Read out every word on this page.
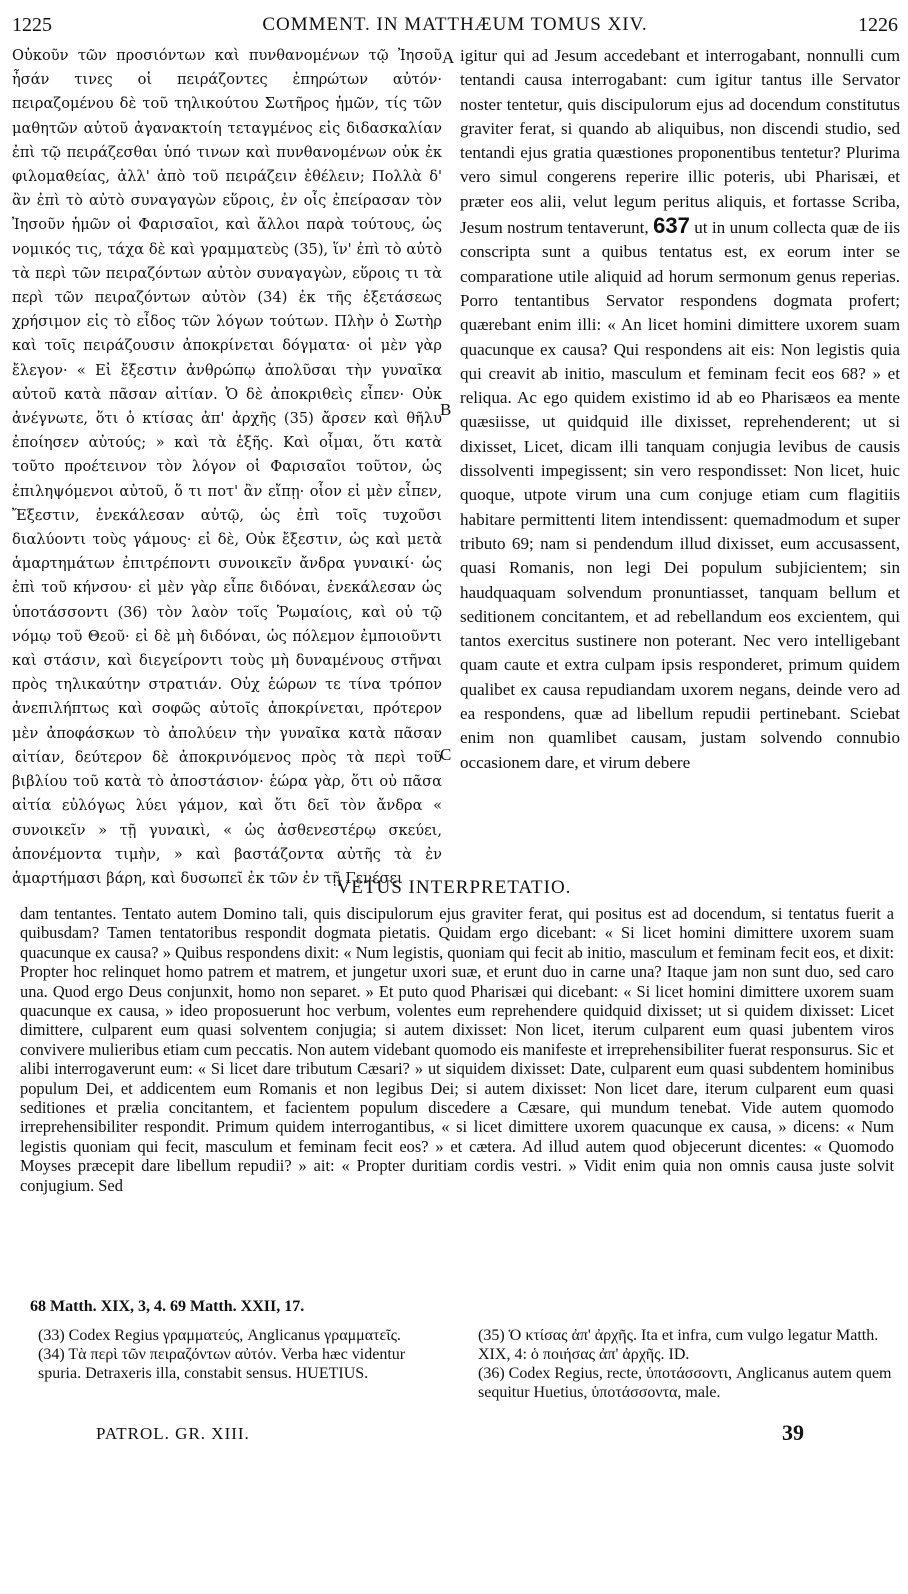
1225	COMMENT. IN MATTHÆUM TOMUS XIV.	1226

Οὐκοῦν τῶν προσιόντων καὶ πυνθανομένων τῷ Ἰησοῦ ἦσάν τινες οἱ πειράζοντες ἐπηρώτων αὐτόν· πειραζομένου δὲ τοῦ τηλικούτου Σωτῆρος ἡμῶν, τίς τῶν μαθητῶν αὐτοῦ ἀγανακτοίη τεταγμένος εἰς διδασκαλίαν ἐπὶ τῷ πειράζεσθαι ὑπό τινων καὶ πυνθανομένων οὐκ ἐκ φιλομαθείας, ἀλλ' ἀπὸ τοῦ πειράζειν ἐθέλειν; Πολλὰ δ' ἂν ἐπὶ τὸ αὐτὸ συναγαγὼν εὕροις, ἐν οἷς ἐπείρασαν τὸν Ἰησοῦν ἡμῶν οἱ Φαρισαῖοι, καὶ ἄλλοι παρὰ τούτους, ὡς νομικός τις, τάχα δὲ καὶ γραμματεὺς (35), ἵν' ἐπὶ τὸ αὐτὸ τὰ περὶ τῶν πειραζόντων αὐτὸν συναγαγὼν, εὕροις τι τὰ περὶ τῶν πειραζόντων αὐτὸν (34) ἐκ τῆς ἐξετάσεως χρήσιμον εἰς τὸ εἶδος τῶν λόγων τούτων. Πλὴν ὁ Σωτὴρ καὶ τοῖς πειράζουσιν ἀποκρίνεται δόγματα· οἱ μὲν γὰρ ἔλεγον· « Εἰ ἔξεστιν ἀνθρώπῳ ἀπολῦσαι τὴν γυναῖκα αὐτοῦ κατὰ πᾶσαν αἰτίαν. Ὁ δὲ ἀποκριθεὶς εἶπεν· Οὐκ ἀνέγνωτε, ὅτι ὁ κτίσας ἀπ' ἀρχῆς (35) ἄρσεν καὶ θῆλυ ἐποίησεν αὐτούς; » καὶ τὰ ἑξῆς. Καὶ οἶμαι, ὅτι κατὰ τοῦτο προέτεινον τὸν λόγον οἱ Φαρισαῖοι τοῦτον, ὡς ἐπιληψόμενοι αὐτοῦ, ὅ τι ποτ' ἂν εἴπῃ· οἷον εἰ μὲν εἶπεν, Ἔξεστιν, ἐνεκάλεσαν αὐτῷ, ὡς ἐπὶ τοῖς τυχοῦσι διαλύοντι τοὺς γάμους· εἰ δὲ, Οὐκ ἔξεστιν, ὡς καὶ μετὰ ἁμαρτημάτων ἐπιτρέποντι συνοικεῖν ἄνδρα γυναικί· ὡς ἐπὶ τοῦ κήνσου· εἰ μὲν γὰρ εἶπε διδόναι, ἐνεκάλεσαν ὡς ὑποτάσσοντι (36) τὸν λαὸν τοῖς Ῥωμαίοις, καὶ οὐ τῷ νόμῳ τοῦ Θεοῦ· εἰ δὲ μὴ διδόναι, ὡς πόλεμον ἐμποιοῦντι καὶ στάσιν, καὶ διεγείροντι τοὺς μὴ δυναμένους στῆναι πρὸς τηλικαύτην στρατιάν. Οὐχ ἑώρων τε τίνα τρόπον ἀνεπιλήπτως καὶ σοφῶς αὐτοῖς ἀποκρίνεται, πρότερον μὲν ἀποφάσκων τὸ ἀπολύειν τὴν γυναῖκα κατὰ πᾶσαν αἰτίαν, δεύτερον δὲ ἀποκρινόμενος πρὸς τὰ περὶ τοῦ βιβλίου τοῦ κατὰ τὸ ἀποστάσιον· ἑώρα γὰρ, ὅτι οὐ πᾶσα αἰτία εὐλόγως λύει γάμον, καὶ ὅτι δεῖ τὸν ἄνδρα « συνοικεῖν » τῇ γυναικὶ, « ὡς ἀσθενεστέρῳ σκεύει, ἀπονέμοντα τιμὴν, » καὶ βαστάζοντα αὐτῆς τὰ ἐν ἁμαρτήμασι βάρη, καὶ δυσωπεῖ ἐκ τῶν ἐν τῇ Γενέσει

A
B
C

igitur qui ad Jesum accedebant et interrogabant, nonnulli cum tentandi causa interrogabant: cum igitur tantus ille Servator noster tentetur, quis discipulorum ejus ad docendum constitutus graviter ferat, si quando ab aliquibus, non discendi studio, sed tentandi ejus gratia quæstiones proponentibus tentetur? Plurima vero simul congerens reperire illic poteris, ubi Pharisæi, et præter eos alii, velut legum peritus aliquis, et fortasse Scriba, Jesum nostrum tentaverunt, 637 ut in unum collecta quæ de iis conscripta sunt a quibus tentatus est, ex eorum inter se comparatione utile aliquid ad horum sermonum genus reperias. Porro tentantibus Servator respondens dogmata profert; quærebant enim illi: « An licet homini dimittere uxorem suam quacunque ex causa? Qui respondens ait eis: Non legistis quia qui creavit ab initio, masculum et feminam fecit eos 68? » et reliqua. Ac ego quidem existimo id ab eo Pharisæos ea mente quæsiisse, ut quidquid ille dixisset, reprehenderent; ut si dixisset, Licet, dicam illi tanquam conjugia levibus de causis dissolventi impegissent; sin vero respondisset: Non licet, huic quoque, utpote virum una cum conjuge etiam cum flagitiis habitare permittenti litem intendissent: quemadmodum et super tributo 69; nam si pendendum illud dixisset, eum accusassent, quasi Romanis, non legi Dei populum subjicientem; sin haudquaquam solvendum pronuntiasset, tanquam bellum et seditionem concitantem, et ad rebellandum eos excientem, qui tantos exercitus sustinere non poterant. Nec vero intelligebant quam caute et extra culpam ipsis responderet, primum quidem qualibet ex causa repudiandam uxorem negans, deinde vero ad ea respondens, quæ ad libellum repudii pertinebant. Sciebat enim non quamlibet causam, justam solvendo connubio occasionem dare, et virum debere

VETUS INTERPRETATIO.

dam tentantes. Tentato autem Domino tali, quis discipulorum ejus graviter ferat, qui positus est ad docendum, si tentatus fuerit a quibusdam? Tamen tentatoribus respondit dogmata pietatis. Quidam ergo dicebant: « Si licet homini dimittere uxorem suam quacunque ex causa? » Quibus respondens dixit: « Num legistis, quoniam qui fecit ab initio, masculum et feminam fecit eos, et dixit: Propter hoc relinquet homo patrem et matrem, et jungetur uxori suæ, et erunt duo in carne una? Itaque jam non sunt duo, sed caro una. Quod ergo Deus conjunxit, homo non separet. » Et puto quod Pharisæi qui dicebant: « Si licet homini dimittere uxorem suam quacunque ex causa, » ideo proposuerunt hoc verbum, volentes eum reprehendere quidquid dixisset; ut si quidem dixisset: Licet dimittere, culparent eum quasi solventem conjugia; si autem dixisset: Non licet, iterum culparent eum quasi jubentem viros convivere mulieribus etiam cum peccatis. Non autem videbant quomodo eis manifeste et irreprehensibiliter fuerat responsurus. Sic et alibi interrogaverunt eum: « Si licet dare tributum Cæsari? » ut siquidem dixisset: Date, culparent eum quasi subdentem hominibus populum Dei, et addicentem eum Romanis et non legibus Dei; si autem dixisset: Non licet dare, iterum culparent eum quasi seditiones et prælia concitantem, et facientem populum discedere a Cæsare, qui mundum tenebat. Vide autem quomodo irreprehensibiliter respondit. Primum quidem interrogantibus, « si licet dimittere uxorem quacunque ex causa, » dicens: « Num legistis quoniam qui fecit, masculum et feminam fecit eos? » et cætera. Ad illud autem quod objecerunt dicentes: « Quomodo Moyses præcepit dare libellum repudii? » ait: « Propter duritiam cordis vestri. » Vidit enim quia non omnis causa juste solvit conjugium. Sed

68 Matth. XIX, 3, 4. 69 Matth. XXII, 17.

(33) Codex Regius γραμματεύς, Anglicanus γραμματεῖς.

(34) Τὰ περὶ τῶν πειραζόντων αὐτόν. Verba hæc videntur spuria. Detraxeris illa, constabit sensus. HUETIUS.

(35) Ὁ κτίσας ἀπ' ἀρχῆς. Ita et infra, cum vulgo legatur Matth. XIX, 4: ὁ ποιήσας ἀπ' ἀρχῆς. ID.

(36) Codex Regius, recte, ὑποτάσσοντι, Anglicanus autem quem sequitur Huetius, ὑποτάσσοντα, male.

PATROL. GR. XIII.	39
